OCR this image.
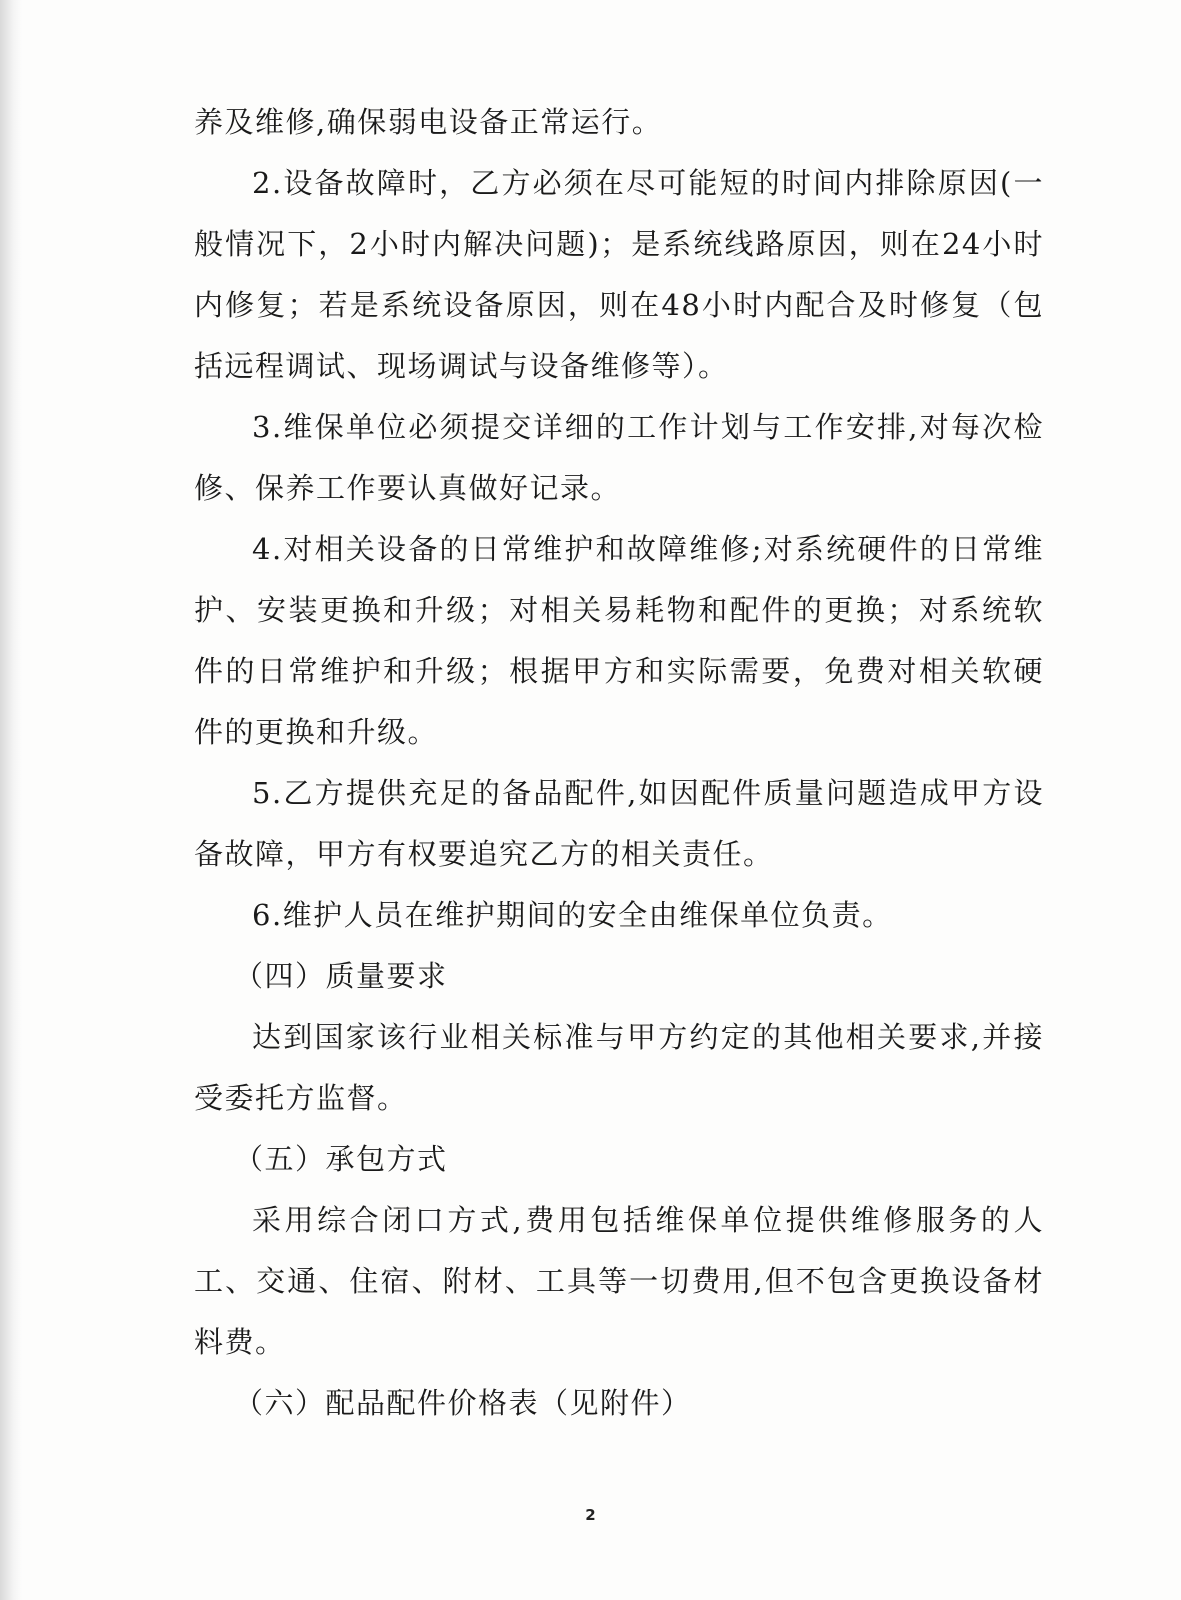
养及维修,确保弱电设备正常运行。

2.设备故障时，乙方必须在尽可能短的时间内排除原因(一般情况下，2小时内解决问题)；是系统线路原因，则在24小时内修复；若是系统设备原因，则在48小时内配合及时修复（包括远程调试、现场调试与设备维修等）。

3.维保单位必须提交详细的工作计划与工作安排,对每次检修、保养工作要认真做好记录。

4.对相关设备的日常维护和故障维修;对系统硬件的日常维护、安装更换和升级；对相关易耗物和配件的更换；对系统软件的日常维护和升级；根据甲方和实际需要，免费对相关软硬件的更换和升级。

5.乙方提供充足的备品配件,如因配件质量问题造成甲方设备故障，甲方有权要追究乙方的相关责任。

6.维护人员在维护期间的安全由维保单位负责。

（四）质量要求

达到国家该行业相关标准与甲方约定的其他相关要求,并接受委托方监督。

（五）承包方式

采用综合闭口方式,费用包括维保单位提供维修服务的人工、交通、住宿、附材、工具等一切费用,但不包含更换设备材料费。

（六）配品配件价格表（见附件）

2
